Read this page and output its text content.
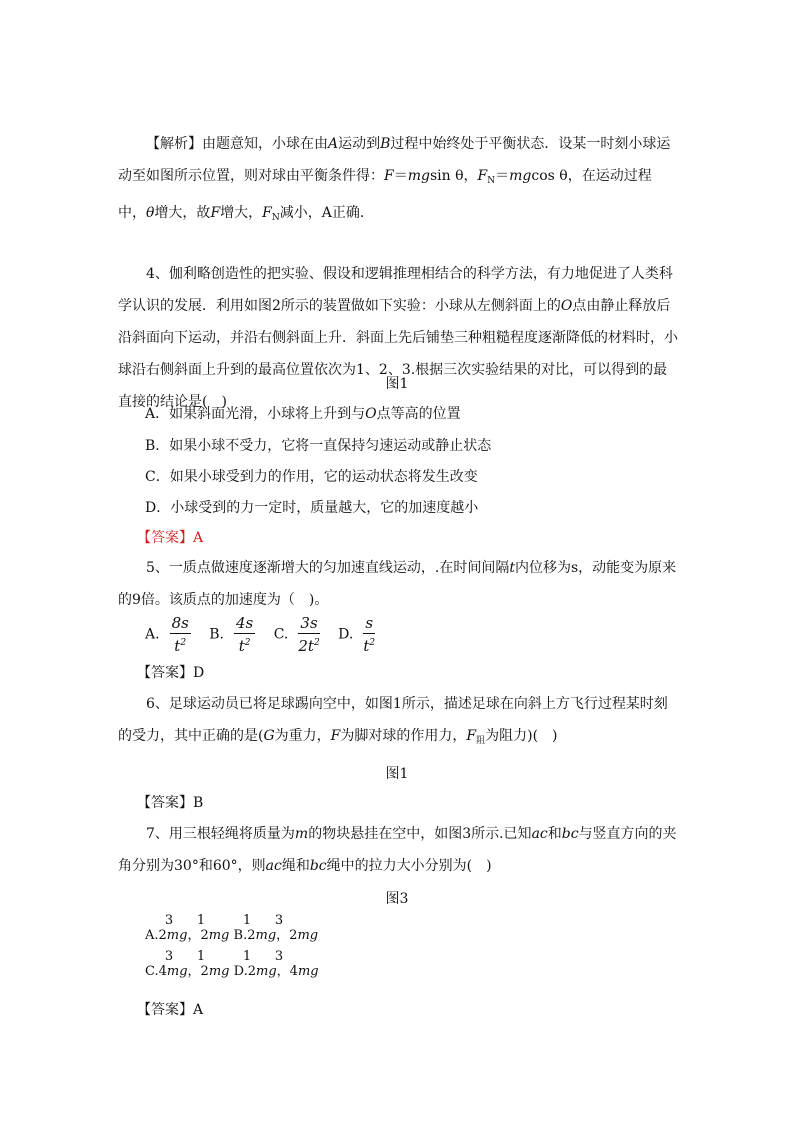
【解析】由题意知，小球在由A运动到B过程中始终处于平衡状态．设某一时刻小球运动至如图所示位置，则对球由平衡条件得：F＝mgsin θ，$F_N=mgcos$ θ，在运动过程中，θ增大，故F增大，$F_N$减小，A正确.

4、伽利略创造性的把实验、假设和逻辑推理相结合的科学方法，有力地促进了人类科学认识的发展．利用如图2所示的装置做如下实验：小球从左侧斜面上的O点由静止释放后沿斜面向下运动，并沿右侧斜面上升．斜面上先后铺垫三种粗糙程度逐渐降低的材料时，小球沿右侧斜面上升到的最高位置依次为1、2、3.根据三次实验结果的对比，可以得到的最直接的结论是(　)

图1
A．如果斜面光滑，小球将上升到与O点等高的位置
B．如果小球不受力，它将一直保持匀速运动或静止状态
C．如果小球受到力的作用，它的运动状态将发生改变
D．小球受到的力一定时，质量越大，它的加速度越小
【答案】A

5、一质点做速度逐渐增大的匀加速直线运动，.在时间间隔t内位移为s，动能变为原来的9倍。该质点的加速度为（　)。

A. $\frac{8s}{t^2} B$. $\frac{4s}{t^2} C$. $\frac{3s}{2t^2} D$. $\frac{s}{t^2}$
【答案】D

6、足球运动员已将足球踢向空中，如图1所示，描述足球在向斜上方飞行过程某时刻的受力，其中正确的是(G为重力，F为脚对球的作用力，$F_阻$为阻力)(　)

图1
【答案】B

7、用三根轻绳将质量为m的物块悬挂在空中，如图3所示.已知ac和bc与竖直方向的夹角分别为30°和60°，则ac绳和bc绳中的拉力大小分别为(　)

图3
3 1	1 3
A.2mg，2mg B.2mg，2mg
3 1	1 3
C.4mg，2mg D.2mg，4mg
【答案】A
